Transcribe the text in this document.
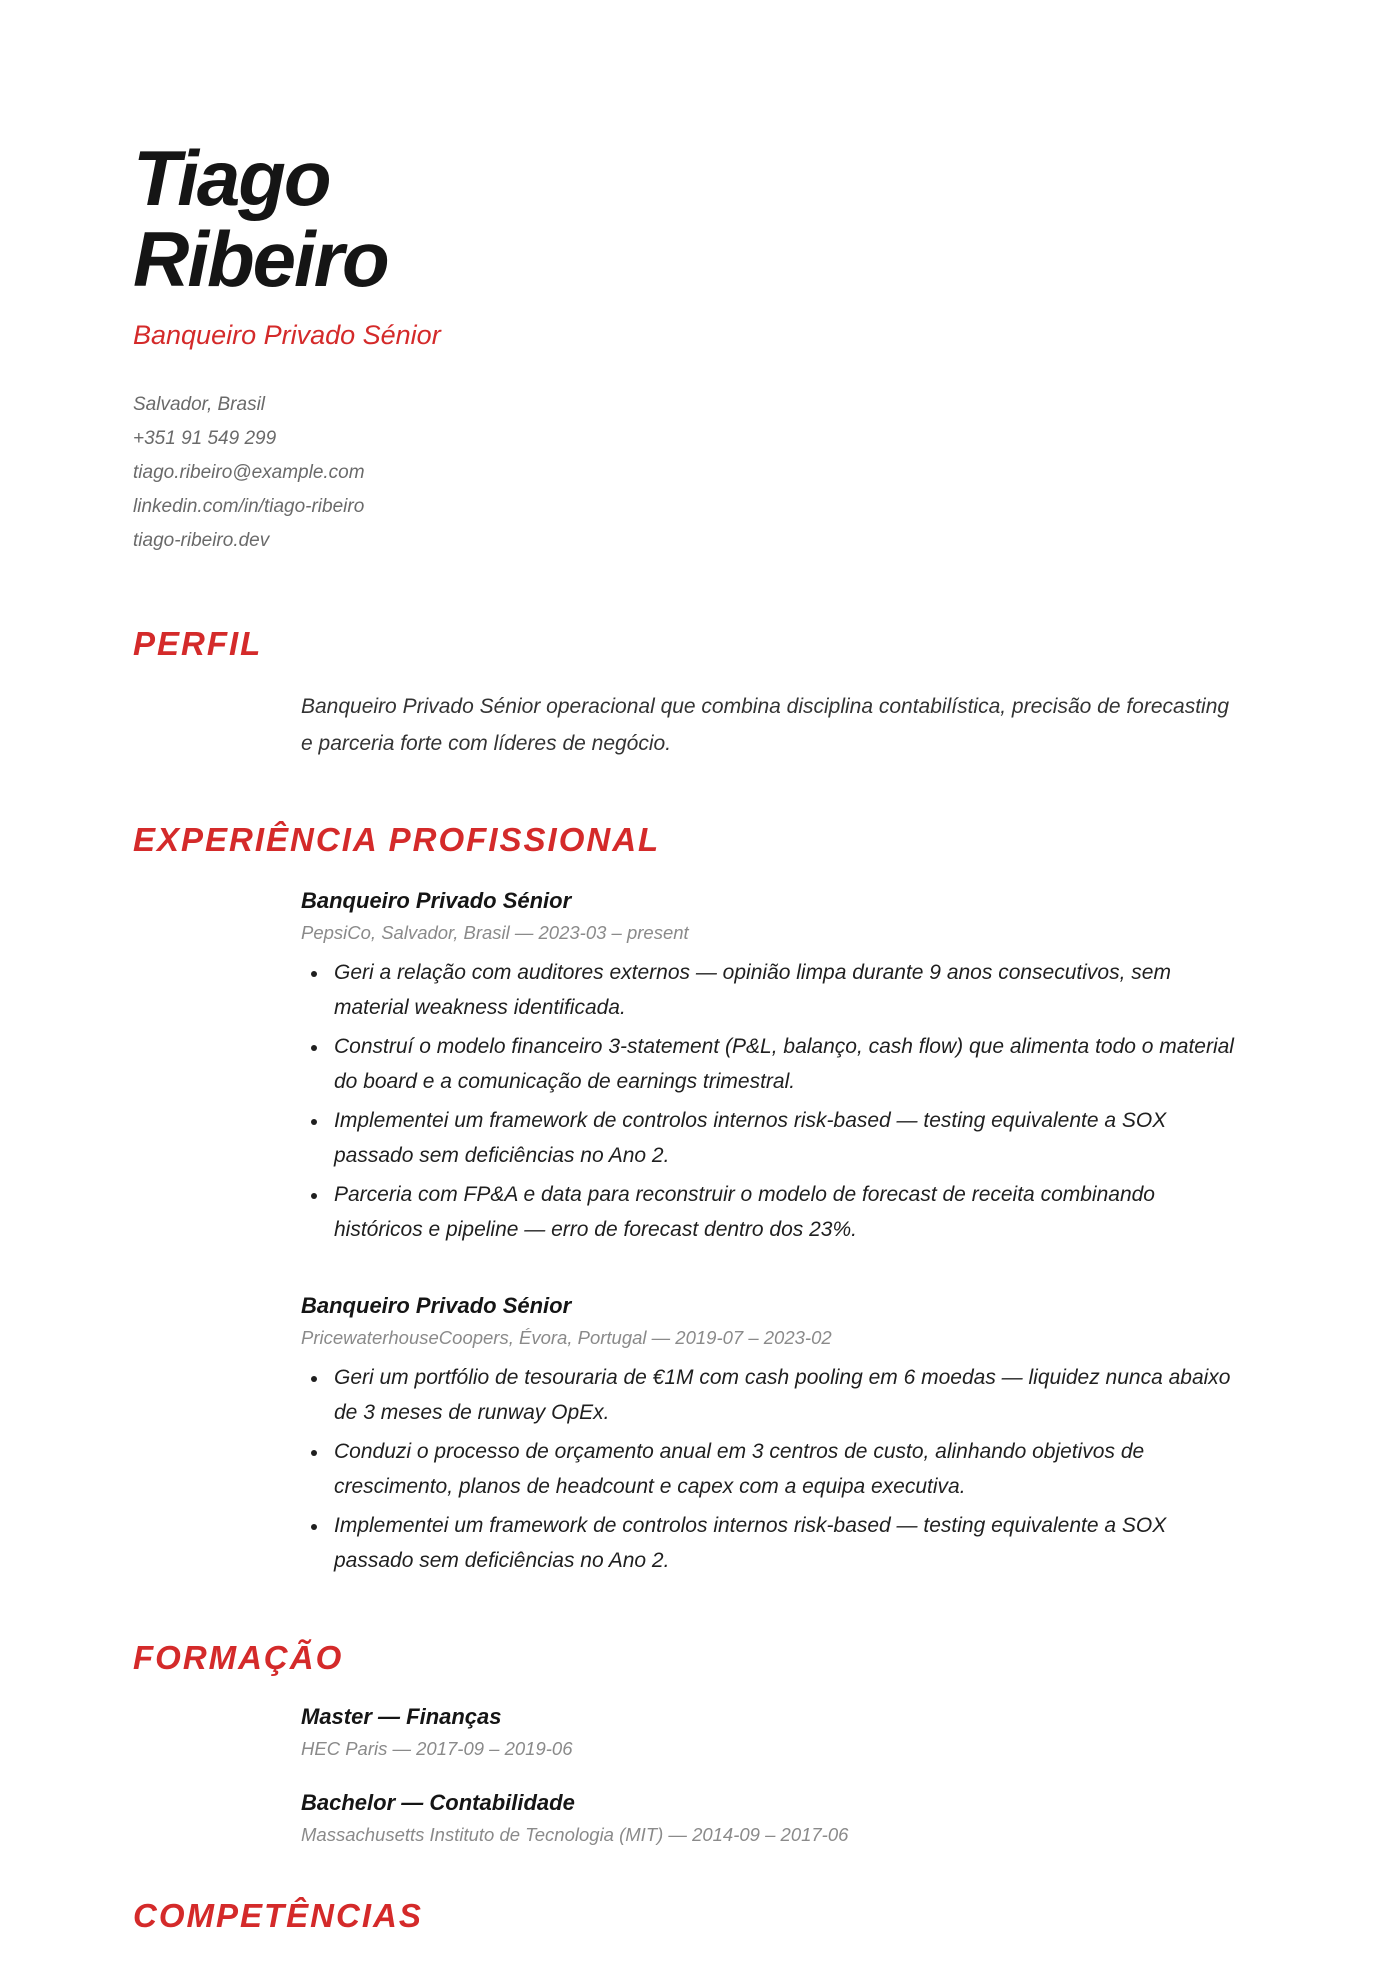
Tiago
Ribeiro
Banqueiro Privado Sénior
Salvador, Brasil
+351 91 549 299
tiago.ribeiro@example.com
linkedin.com/in/tiago-ribeiro
tiago-ribeiro.dev
PERFIL
Banqueiro Privado Sénior operacional que combina disciplina contabilística, precisão de forecasting e parceria forte com líderes de negócio.
EXPERIÊNCIA PROFISSIONAL
Banqueiro Privado Sénior
PepsiCo, Salvador, Brasil — 2023-03 – present
Geri a relação com auditores externos — opinião limpa durante 9 anos consecutivos, sem material weakness identificada.
Construí o modelo financeiro 3-statement (P&L, balanço, cash flow) que alimenta todo o material do board e a comunicação de earnings trimestral.
Implementei um framework de controlos internos risk-based — testing equivalente a SOX passado sem deficiências no Ano 2.
Parceria com FP&A e data para reconstruir o modelo de forecast de receita combinando históricos e pipeline — erro de forecast dentro dos 23%.
Banqueiro Privado Sénior
PricewaterhouseCoopers, Évora, Portugal — 2019-07 – 2023-02
Geri um portfólio de tesouraria de €1M com cash pooling em 6 moedas — liquidez nunca abaixo de 3 meses de runway OpEx.
Conduzi o processo de orçamento anual em 3 centros de custo, alinhando objetivos de crescimento, planos de headcount e capex com a equipa executiva.
Implementei um framework de controlos internos risk-based — testing equivalente a SOX passado sem deficiências no Ano 2.
FORMAÇÃO
Master — Finanças
HEC Paris — 2017-09 – 2019-06
Bachelor — Contabilidade
Massachusetts Instituto de Tecnologia (MIT) — 2014-09 – 2017-06
COMPETÊNCIAS
